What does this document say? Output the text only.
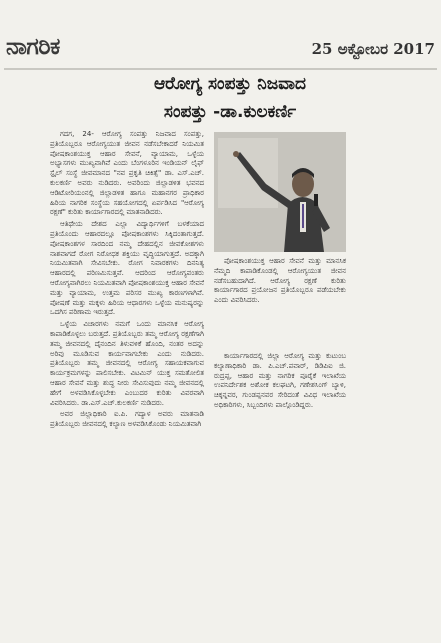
ನಾಗರಿಕ	25 ಅಕ್ಟೋಬರ 2017
ಆರೋಗ್ಯ ಸಂಪತ್ತು ನಿಜವಾದ
ಸಂಪತ್ತು -ಡಾ.ಕುಲಕರ್ಣಿ

ಗದಗ, 24- ಆರೋಗ್ಯ ಸಂಪತ್ತು ನಿಜವಾದ ಸಂಪತ್ತು, ಪ್ರತಿಯೊಬ್ಬರೂ ಆರೋಗ್ಯಯುತ ಜೀವನ ನಡೆಸಬೇಕಾದರೆ ನಿಯಮಿತ ಪೋಷಕಾಂಶಯುಕ್ತ ಆಹಾರ ಸೇವನೆ, ವ್ಯಾಯಾಮ, ಒಳ್ಳೆಯ ಅಭ್ಯಾಸಗಳು ಮುಖ್ಯವಾಗಿವೆ ಎಂದು ಬೆಂಗಳೂರಿನ ಇಂಡಿಯನ್ ಲೈಫ್ ಸ್ಟೈಲ್ ಸಂಸ್ಥೆ ಜೀವಮಾನದ "ನವ ಪ್ರಕೃತಿ ಚಿಕಿತ್ಸೆ" ಡಾ. ಎಸ್.ಎಚ್. ಕುಲಕರ್ಣಿ ಅವರು ನುಡಿದರು. ಅವರಿಂದು ಜಿಲ್ಲಾಡಳಿತ ಭವನದ ಆಡಿಟೋರಿಯಂನಲ್ಲಿ ಜಿಲ್ಲಾಡಳಿತ ಹಾಗೂ ಮಹಾನಗರ ಪ್ರಾಧಿಕಾರ ಹಿರಿಯ ನಾಗರಿಕ ಸಂಸ್ಥೆಯ ಸಹಯೋಗದಲ್ಲಿ ಏರ್ಪಡಿಸಿದ "ಆರೋಗ್ಯ ರಕ್ಷಣೆ" ಕುರಿತು ಕಾರ್ಯಾಗಾರದಲ್ಲಿ ಮಾತನಾಡಿದರು.

ಆತಿಥೇಯ ದೇಶದ ಎಲ್ಲಾ ವಿದ್ಯಾರ್ಥಿಗಳಿಗೆ ಬಳಕೆಯಾದ ಪ್ರತಿಯೊಂದು ಆಹಾರದಲ್ಲೂ ಪೋಷಕಾಂಶಗಳು ಸಿಕ್ಕಿದಂತಾಗುತ್ತದೆ. ಪೋಷಕಾಂಶಗಳ ಸಾರದಿಂದ ನಮ್ಮ ದೇಹದಲ್ಲಿನ ಜೀವಕೋಶಗಳು ನಾಶವಾಗದೆ ರೋಗ ನಿರೋಧಕ ಶಕ್ತಿಯು ವೃದ್ಧಿಯಾಗುತ್ತದೆ. ಅದಕ್ಕಾಗಿ ನಿಯಮಿತವಾಗಿ ಸೇವಿಸಬೇಕು. ರೋಗ ನಿವಾರಕಗಳು ದಿನನಿತ್ಯ ಆಹಾರದಲ್ಲಿ ಪರಿಣಮಿಸುತ್ತವೆ. ಆದರಿಂದ ಆರೋಗ್ಯವಂತರು ಆರೋಗ್ಯವಾಗಿರಲು ನಿಯಮಿತವಾಗಿ ಪೋಷಕಾಂಶಯುಕ್ತ ಆಹಾರ ಸೇವನೆ ಮತ್ತು ವ್ಯಾಯಾಮ, ಉತ್ತಮ ಪರಿಸರ ಮುಖ್ಯ ಕಾರಣಗಳಾಗಿವೆ. ಪೋಷಣೆ ಮತ್ತು ಮಕ್ಕಳು ಹಿರಿಯ ಆಧಾರಗಳು ಒಳ್ಳೆಯ ಮನುಷ್ಯರನ್ನು ಒದಗಿಸ ಪರಿಣಾಮ ಇರುತ್ತದೆ.

ಒಳ್ಳೆಯ ವಿಚಾರಗಳು ನಮಗೆ ಒಂದು ಮಾನಸಿಕ ಆರೋಗ್ಯ ಕಾಪಾಡಿಕೊಳ್ಳಲು ಬರುತ್ತದೆ. ಪ್ರತಿಯೊಬ್ಬರು ತಮ್ಮ ಆರೋಗ್ಯ ರಕ್ಷಣೆಗಾಗಿ ತಮ್ಮ ಜೀವನದಲ್ಲಿ ದೈನಂದಿನ ತಿಳುವಳಿಕೆ ಹೊಂದಿ, ನಂತರ ಅದನ್ನು ಅರಿವು ಮೂಡಿಸುವ ಕಾರ್ಯವಾಗಬೇಕು ಎಂದು ನುಡಿದರು. ಪ್ರತಿಯೊಬ್ಬರು ತಮ್ಮ ಜೀವನದಲ್ಲಿ ಆರೋಗ್ಯ ಸಹಾಯಕವಾಗುವ ಕಾರ್ಯಕ್ರಮಗಳನ್ನು ಪಾಲಿಸಬೇಕು. ವಿಟಮಿನ್ ಯುಕ್ತ ಸಮತೋಲಿತ ಆಹಾರ ಸೇವನೆ ಮತ್ತು ಶುದ್ಧ ನೀರು ಸೇವಿಸುವುದು ನಮ್ಮ ಜೀವನದಲ್ಲಿ ಹೇಗೆ ಅಳವಡಿಸಿಕೊಳ್ಳಬೇಕು ಎಂಬುದರ ಕುರಿತು ವಿವರವಾಗಿ ವಿವರಿಸಿದರು. ಡಾ.ಎಸ್.ಎಚ್.ಕುಲಕರ್ಣಿ ನುಡಿದರು.

ಅವರ ಜಿಲ್ಲಾಧಿಕಾರಿ ಐ.ಪಿ. ಗದ್ಯಾಳ ಅವರು ಮಾತನಾಡಿ ಪ್ರತಿಯೊಬ್ಬರು ಜೀವನದಲ್ಲಿ ಕಲ್ಯಾಣ ಅಳವಡಿಸಿಕೊಂಡು ನಿಯಮಿತವಾಗಿ

ಪೋಷಕಾಂಶಯುಕ್ತ ಆಹಾರ ಸೇವನೆ ಮತ್ತು ಮಾನಸಿಕ ನೆಮ್ಮದಿ ಕಾಪಾಡಿಕೊಂಡಲ್ಲಿ ಆರೋಗ್ಯಯುತ ಜೀವನ ನಡೆಸಬಹುದಾಗಿದೆ. ಆರೋಗ್ಯ ರಕ್ಷಣೆ ಕುರಿತು ಕಾರ್ಯಾಗಾರದ ಪ್ರಯೋಜನ ಪ್ರತಿಯೊಬ್ಬರೂ ಪಡೆಯಬೇಕು ಎಂದು ವಿವರಿಸಿದರು.

ಕಾರ್ಯಾಗಾರದಲ್ಲಿ ಜಿಲ್ಲಾ ಆರೋಗ್ಯ ಮತ್ತು ಕುಟುಂಬ ಕಲ್ಯಾಣಾಧಿಕಾರಿ ಡಾ. ಪಿ.ಎಚ್.ಪವಾರ್, ಡಿಡಿಪಿಐ ಜಿ. ರುದ್ರಪ್ಪ, ಆಹಾರ ಮತ್ತು ನಾಗರಿಕ ಪೂರೈಕೆ ಇಲಾಖೆಯ ಉಪನಿರ್ದೇಶಕ ಅಶೋಕ ಕಲಘಟಗಿ, ಗಣೇಶಸಿಂಗ್ ಬ್ಯಾಳಿ, ಚಿಕ್ಕನ್ನವರ, ಗುಂಡಪ್ಪನವರ ಸೇರಿದಂತೆ ವಿವಿಧ ಇಲಾಖೆಯ ಅಧಿಕಾರಿಗಳು, ಸಿಬ್ಬಂದಿಗಳು ಪಾಲ್ಗೊಂಡಿದ್ದರು.
